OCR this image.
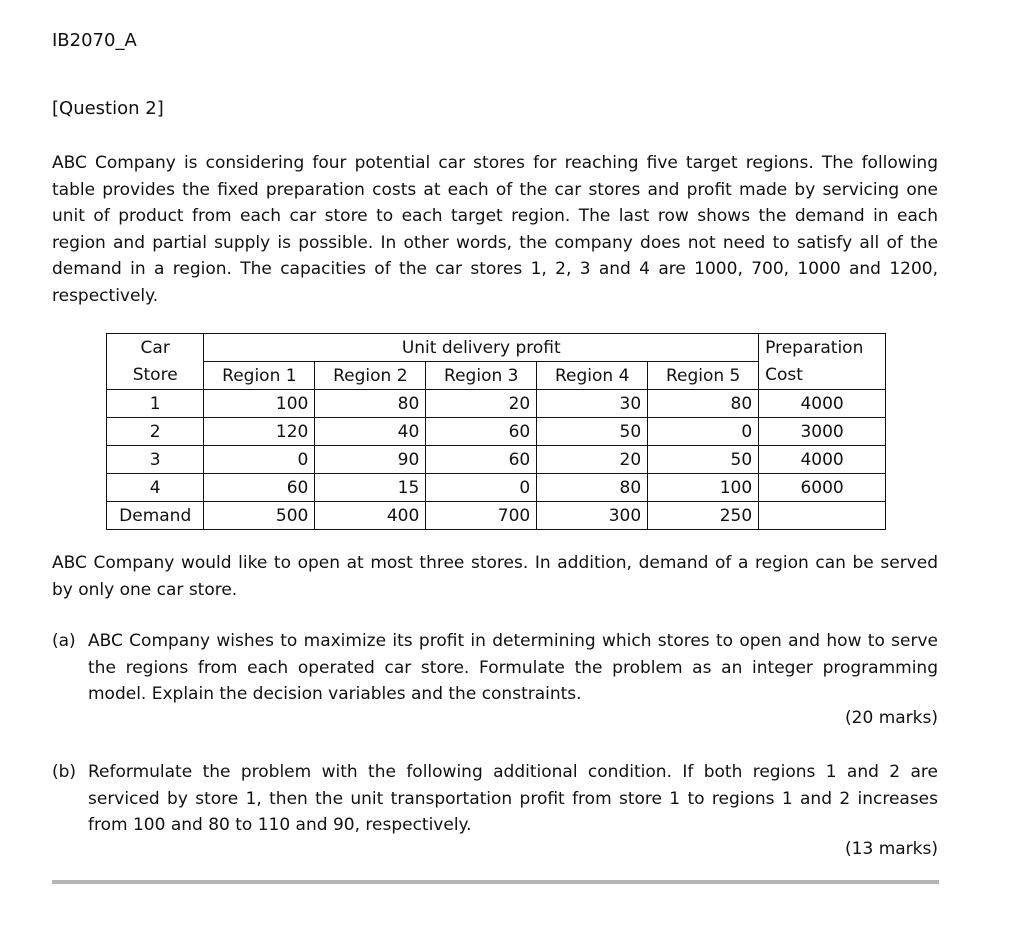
IB2070_A
[Question 2]

ABC Company is considering four potential car stores for reaching five target regions. The following table provides the fixed preparation costs at each of the car stores and profit made by servicing one unit of product from each car store to each target region. The last row shows the demand in each region and partial supply is possible. In other words, the company does not need to satisfy all of the demand in a region. The capacities of the car stores 1, 2, 3 and 4 are 1000, 700, 1000 and 1200, respectively.

Car	Unit delivery profit					Preparation
Store	Region 1	Region 2	Region 3	Region 4	Region 5	Cost
1	100	80	20	30	80	4000
2	120	40	60	50	0	3000
3	0	90	60	20	50	4000
4	60	15	0	80	100	6000
Demand	500	400	700	300	250	

ABC Company would like to open at most three stores. In addition, demand of a region can be served by only one car store.

(a) ABC Company wishes to maximize its profit in determining which stores to open and how to serve the regions from each operated car store. Formulate the problem as an integer programming model. Explain the decision variables and the constraints.

(20 marks)
(b) Reformulate the problem with the following additional condition. If both regions 1 and 2 are serviced by store 1, then the unit transportation profit from store 1 to regions 1 and 2 increases from 100 and 80 to 110 and 90, respectively.

(13 marks)
